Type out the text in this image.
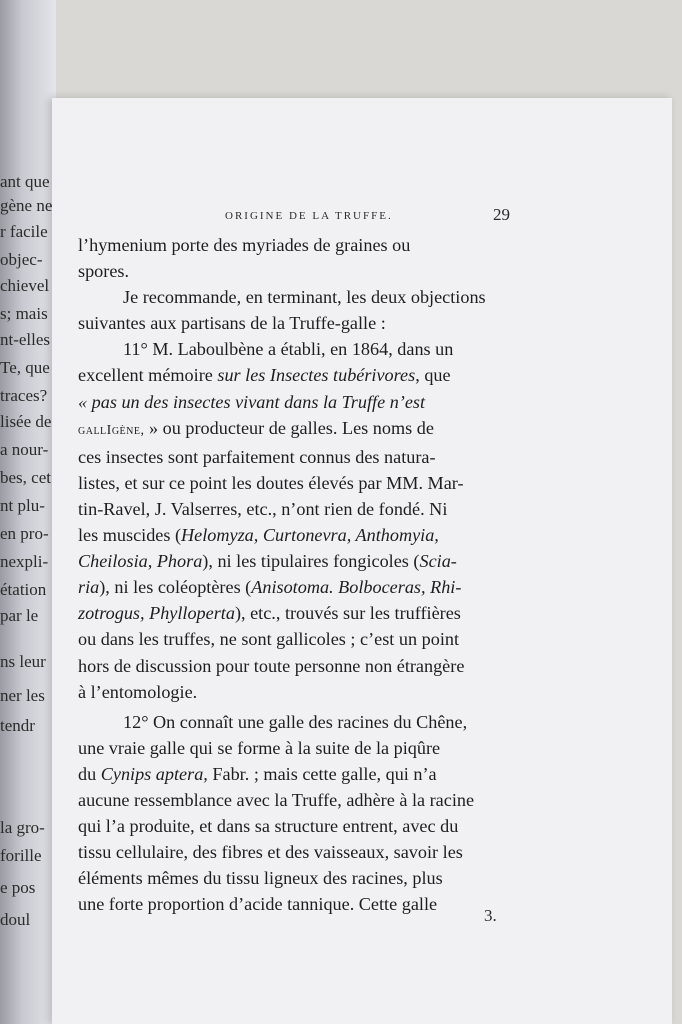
ant que
gène ne
r facile
objec-
chievel
s; mais
nt-elles
Te, que
traces?
lisée de
a nour-
bes, cet
nt plu-
en pro-
nexpli-
étation
par le
ns leur
ner les
tendr
la gro-
forille
e pos
doul
ORIGINE DE LA TRUFFE.	29
l’hymenium porte des myriades de graines ou
spores.
Je recommande, en terminant, les deux objections
suivantes aux partisans de la Truffe-galle :
11° M. Laboulbène a établi, en 1864, dans un
excellent mémoire sur les Insectes tubérivores, que
« pas un des insectes vivant dans la Truffe n’est
gallIgène, » ou producteur de galles. Les noms de
ces insectes sont parfaitement connus des natura-
listes, et sur ce point les doutes élevés par MM. Mar-
tin-Ravel, J. Valserres, etc., n’ont rien de fondé. Ni
les muscides (Helomyza, Curtonevra, Anthomyia,
Cheilosia, Phora), ni les tipulaires fongicoles (Scia-
ria), ni les coléoptères (Anisotoma. Bolboceras, Rhi-
zotrogus, Phylloperta), etc., trouvés sur les truffières
ou dans les truffes, ne sont gallicoles ; c’est un point
hors de discussion pour toute personne non étrangère
à l’entomologie.
12° On connaît une galle des racines du Chêne,
une vraie galle qui se forme à la suite de la piqûre
du Cynips aptera, Fabr. ; mais cette galle, qui n’a
aucune ressemblance avec la Truffe, adhère à la racine
qui l’a produite, et dans sa structure entrent, avec du
tissu cellulaire, des fibres et des vaisseaux, savoir les
éléments mêmes du tissu ligneux des racines, plus
une forte proportion d’acide tannique. Cette galle
3.
